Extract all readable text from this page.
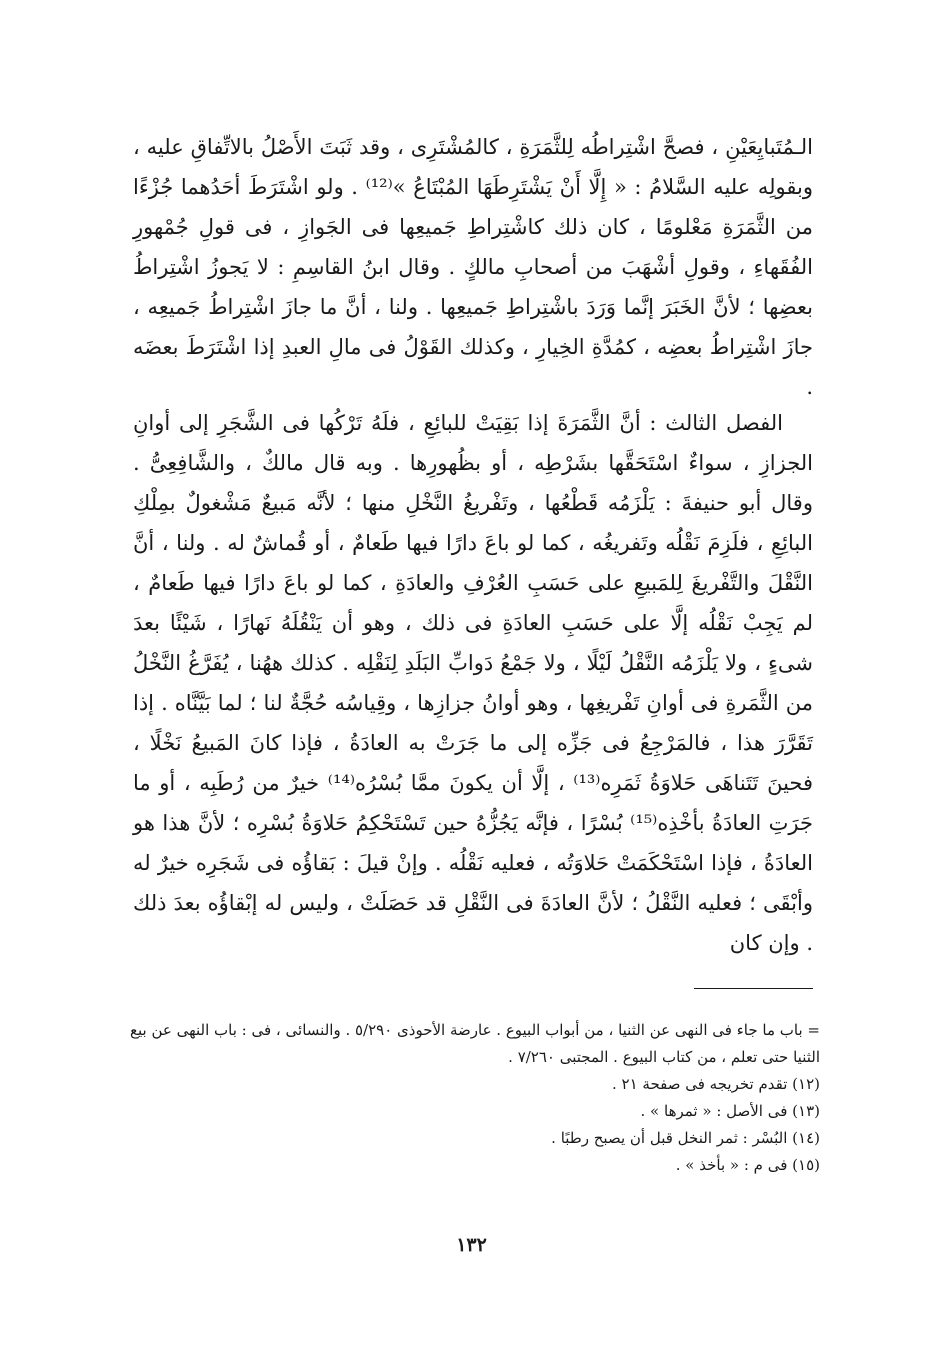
الـمُتَبايِعَيْنِ ، فصحَّ اشْتِراطُه لِلثَّمَرَةِ ، كالمُشْتَرِى ، وقد ثَبَتَ الأَصْلُ بالاتِّفاقِ عليه ، وبقولِه عليه السَّلامُ : « إِلَّا أَنْ يَشْتَرِطَهَا المُبْتَاعُ »⁽¹²⁾ . ولو اشْتَرَطَ أحَدُهما جُزْءًا من الثَّمَرَةِ مَعْلومًا ، كان ذلك كاشْتِراطِ جَميعِها فى الجَوازِ ، فى قولِ جُمْهورِ الفُقَهاءِ ، وقولِ أشْهَبَ من أصحابِ مالكٍ . وقال ابنُ القاسِمِ : لا يَجوزُ اشْتِراطُ بعضِها ؛ لأنَّ الخَبَرَ إنَّما وَرَدَ باشْتِراطِ جَميعِها . ولنا ، أنَّ ما جازَ اشْتِراطُ جَميعِه ، جازَ اشْتِراطُ بعضِه ، كمُدَّةِ الخِيارِ ، وكذلك القَوْلُ فى مالِ العبدِ إذا اشْتَرَطَ بعضَه .

الفصل الثالث : أنَّ الثَّمَرَةَ إذا بَقِيَتْ للبائِعِ ، فلَهُ تَرْكُها فى الشَّجَرِ إلى أوانِ الجزازِ ، سواءٌ اسْتَحَقَّها بشَرْطِه ، أو بظُهورِها . وبه قال مالكٌ ، والشَّافِعِىُّ . وقال أبو حنيفةَ : يَلْزَمُه قَطْعُها ، وتَفْريغُ النَّخْلِ منها ؛ لأنَّه مَبيعٌ مَشْغولٌ بمِلْكِ البائِعِ ، فلَزِمَ نَقْلُه وتَفريغُه ، كما لو باعَ دارًا فيها طَعامٌ ، أو قُماشٌ له . ولنا ، أنَّ النَّقْلَ والتَّفْريغَ لِلمَبيعِ على حَسَبِ العُرْفِ والعادَةِ ، كما لو باعَ دارًا فيها طَعامٌ ، لم يَجِبْ نَقْلُه إلَّا على حَسَبِ العادَةِ فى ذلك ، وهو أن يَنْقُلَهُ نَهارًا ، شَيْئًا بعدَ شىءٍ ، ولا يَلْزَمُه النَّقْلُ لَيْلًا ، ولا جَمْعُ دَوابِّ البَلَدِ لِنَقْلِه . كذلك ههُنا ، يُفَرَّغُ النَّخْلُ من الثَّمَرةِ فى أوانِ تَفْريغِها ، وهو أوانُ جزازِها ، وقِياسُه حُجَّةٌ لنا ؛ لما بَيَّنَّاه . إذا تَقَرَّرَ هذا ، فالمَرْجِعُ فى جَزِّه إلى ما جَرَتْ به العادَةُ ، فإذا كانَ المَبيعُ نَخْلًا ، فحينَ تَتَناهَى حَلاوَةُ ثَمَرِه⁽¹³⁾ ، إلَّا أن يكونَ ممَّا بُسْرُه⁽¹⁴⁾ خيرٌ من رُطَبِه ، أو ما جَرَتِ العادَةُ بأخْذِه⁽¹⁵⁾ بُسْرًا ، فإنَّه يَجُزُّهُ حين تَسْتَحْكِمُ حَلاوَةُ بُسْرِه ؛ لأنَّ هذا هو العادَةُ ، فإذا اسْتَحْكَمَتْ حَلاوَتُه ، فعليه نَقْلُه . وإنْ قيلَ : بَقاؤُه فى شَجَرِه خيرٌ له وأبْقَى ؛ فعليه النَّقْلُ ؛ لأنَّ العادَةَ فى النَّقْلِ قد حَصَلَتْ ، وليس له إبْقاؤُه بعدَ ذلك . وإن كان

= باب ما جاء فى النهى عن الثنيا ، من أبواب البيوع . عارضة الأحوذى ٥/٢٩٠ . والنسائى ، فى : باب النهى عن بيع الثنيا حتى تعلم ، من كتاب البيوع . المجتبى ٧/٢٦٠ .

(١٢) تقدم تخريجه فى صفحة ٢١ .

(١٣) فى الأصل : « ثمرها » .

(١٤) البُسْر : ثمر النخل قبل أن يصبح رطبًا .

(١٥) فى م : « بأخذ » .

١٣٢
